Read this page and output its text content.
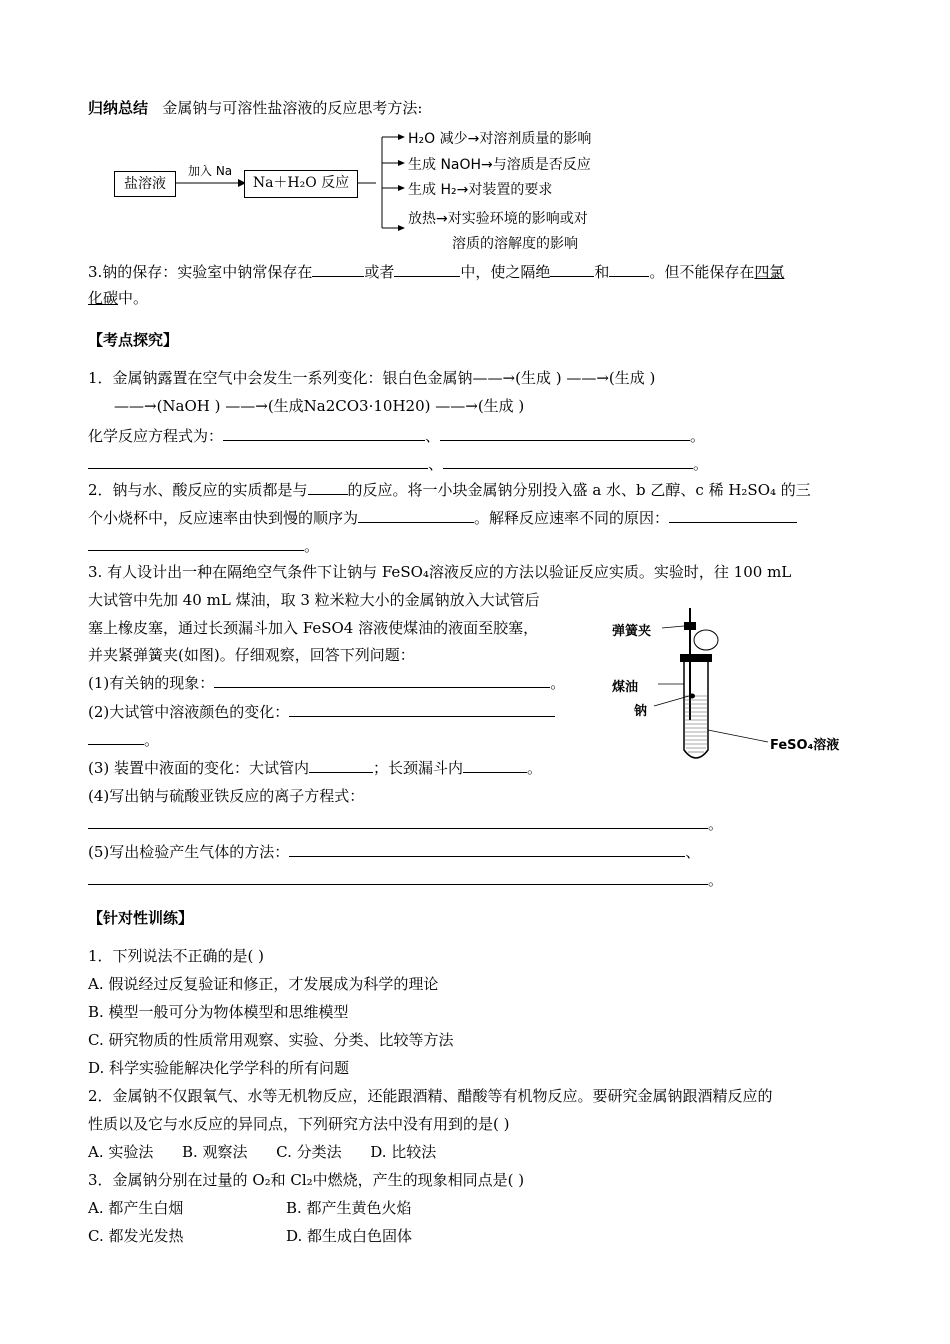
归纳总结 金属钠与可溶性盐溶液的反应思考方法:
盐溶液
加入 Na
Na＋H₂O 反应
H₂O 减少→对溶剂质量的影响
生成 NaOH→与溶质是否反应
生成 H₂→对装置的要求
放热→对实验环境的影响或对
溶质的溶解度的影响
3.钠的保存：实验室中钠常保存在	或者	中，使之隔绝	和	。但不能保存在四氯
化碳中。
【考点探究】
1．金属钠露置在空气中会发生一系列变化：银白色金属钠——→(生成 ) ——→(生成 )
——→(NaOH ) ——→(生成Na2CO3·10H20) ——→(生成 )
化学反应方程式为：	、	。
、	。
2．钠与水、酸反应的实质都是与	的反应。将一小块金属钠分别投入盛 a 水、b 乙醇、c 稀 H₂SO₄ 的三
个小烧杯中，反应速率由快到慢的顺序为	。解释反应速率不同的原因：
。
3. 有人设计出一种在隔绝空气条件下让钠与 FeSO₄溶液反应的方法以验证反应实质。实验时，往 100 mL
大试管中先加 40 mL 煤油，取 3 粒米粒大小的金属钠放入大试管后
塞上橡皮塞，通过长颈漏斗加入 FeSO4 溶液使煤油的液面至胶塞，
并夹紧弹簧夹(如图)。仔细观察，回答下列问题：
(1)有关钠的现象：	。
(2)大试管中溶液颜色的变化：
。
(3) 装置中液面的变化：大试管内	；长颈漏斗内	。
(4)写出钠与硫酸亚铁反应的离子方程式：
。
(5)写出检验产生气体的方法：	、
。
弹簧夹
煤油
钠
FeSO₄溶液
【针对性训练】
1．下列说法不正确的是( )
A. 假说经过反复验证和修正，才发展成为科学的理论
B. 模型一般可分为物体模型和思维模型
C. 研究物质的性质常用观察、实验、分类、比较等方法
D. 科学实验能解决化学学科的所有问题
2．金属钠不仅跟氧气、水等无机物反应，还能跟酒精、醋酸等有机物反应。要研究金属钠跟酒精反应的
性质以及它与水反应的异同点，下列研究方法中没有用到的是( )
A. 实验法      B. 观察法      C. 分类法      D. 比较法
3．金属钠分别在过量的 O₂和 Cl₂中燃烧，产生的现象相同点是( )
A. 都产生白烟	B. 都产生黄色火焰
C. 都发光发热	D. 都生成白色固体
